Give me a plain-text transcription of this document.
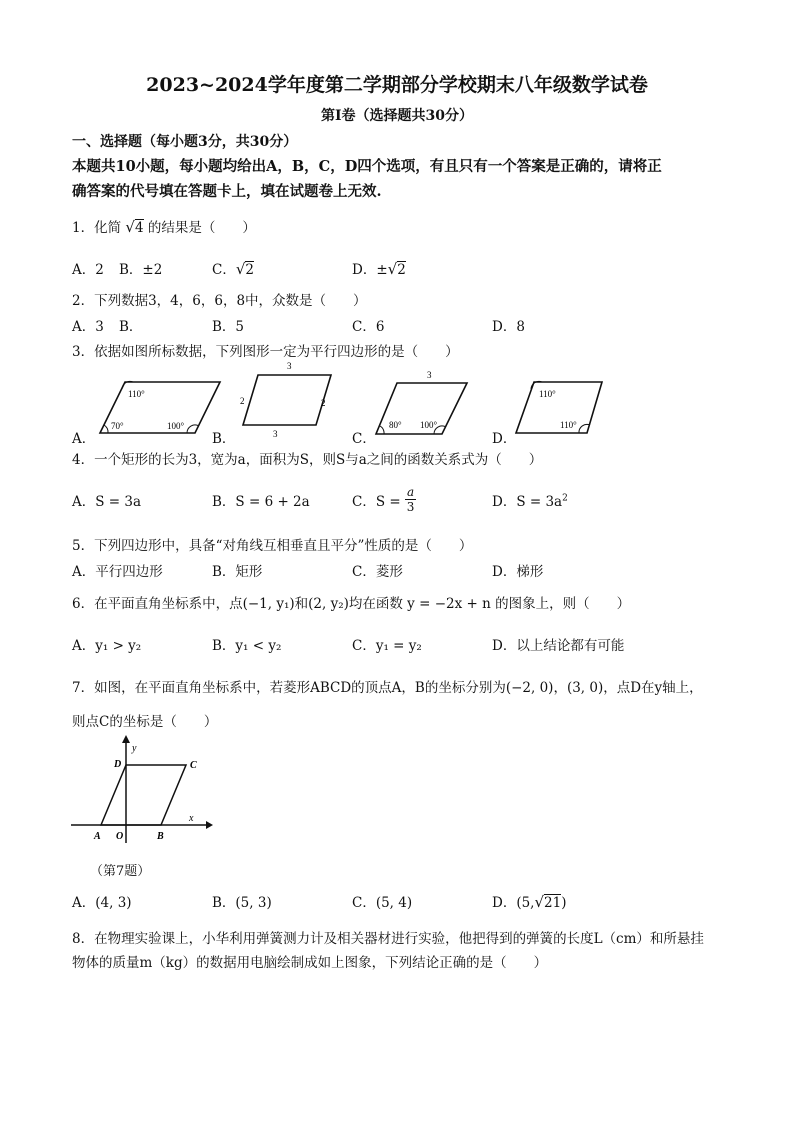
2023~2024学年度第二学期部分学校期末八年级数学试卷
第Ⅰ卷（选择题共30分）
一、选择题（每小题3分，共30分）
本题共10小题，每小题均给出A，B，C，D四个选项，有且只有一个答案是正确的，请将正
确答案的代号填在答题卡上，填在试题卷上无效.
1．化简 √4 的结果是（　　）
A．2 B．±2	C．√2	D．±√2
2．下列数据3，4，6，6，8中，众数是（　　）
A．3 B．	B．5	C．6	D．8
3．依据如图所标数据，下列图形一定为平行四边形的是（　　）
A．	B．	C．	D．
110°
70°	100°
3
2	2
3
3
80° 100°
110°
110°
4．一个矩形的长为3，宽为a，面积为S，则S与a之间的函数关系式为（　　）
A．S = 3a	B．S = 6 + 2a	C．$S = \frac{a}{3}$	D．$S = 3a^2$
5．下列四边形中，具备“对角线互相垂直且平分”性质的是（　　）
A．平行四边形	B．矩形	C．菱形	D．梯形
6．在平面直角坐标系中，点(−1, y₁)和(2, y₂)均在函数 y = −2x + n 的图象上，则（　　）
A．y₁ > y₂	B．y₁ < y₂	C．y₁ = y₂	D．以上结论都有可能
7．如图，在平面直角坐标系中，若菱形ABCD的顶点A，B的坐标分别为(−2, 0)，(3, 0)，点D在y轴上，
则点C的坐标是（　　）
y
x
D	C
A O	B
（第7题）
A．(4, 3)	B．(5, 3)	C．(5, 4)	D．(5,√21)
8．在物理实验课上，小华利用弹簧测力计及相关器材进行实验，他把得到的弹簧的长度L（cm）和所悬挂
物体的质量m（kg）的数据用电脑绘制成如上图象，下列结论正确的是（　　）
